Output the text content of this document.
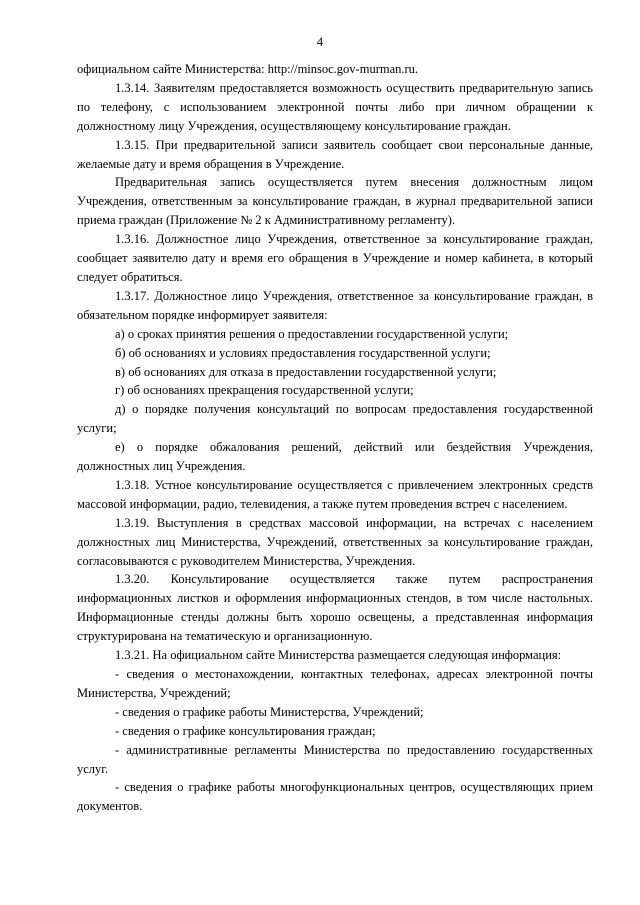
4

официальном сайте Министерства: http://minsoc.gov-murman.ru.

1.3.14. Заявителям предоставляется возможность осуществить предварительную запись по телефону, с использованием электронной почты либо при личном обращении к должностному лицу Учреждения, осуществляющему консультирование граждан.

1.3.15. При предварительной записи заявитель сообщает свои персональные данные, желаемые дату и время обращения в Учреждение.

Предварительная запись осуществляется путем внесения должностным лицом Учреждения, ответственным за консультирование граждан, в журнал предварительной записи приема граждан (Приложение № 2 к Административному регламенту).

1.3.16. Должностное лицо Учреждения, ответственное за консультирование граждан, сообщает заявителю дату и время его обращения в Учреждение и номер кабинета, в который следует обратиться.

1.3.17. Должностное лицо Учреждения, ответственное за консультирование граждан, в обязательном порядке информирует заявителя:

а) о сроках принятия решения о предоставлении государственной услуги;

б) об основаниях и условиях предоставления государственной услуги;

в) об основаниях для отказа в предоставлении государственной услуги;

г) об основаниях прекращения государственной услуги;

д) о порядке получения консультаций по вопросам предоставления государственной услуги;

е) о порядке обжалования решений, действий или бездействия Учреждения, должностных лиц Учреждения.

1.3.18. Устное консультирование осуществляется с привлечением электронных средств массовой информации, радио, телевидения, а также путем проведения встреч с населением.

1.3.19. Выступления в средствах массовой информации, на встречах с населением должностных лиц Министерства, Учреждений, ответственных за консультирование граждан, согласовываются с руководителем Министерства, Учреждения.

1.3.20. Консультирование осуществляется также путем распространения информационных листков и оформления информационных стендов, в том числе настольных. Информационные стенды должны быть хорошо освещены, а представленная информация структурирована на тематическую и организационную.

1.3.21. На официальном сайте Министерства размещается следующая информация:

- сведения о местонахождении, контактных телефонах, адресах электронной почты Министерства, Учреждений;

- сведения о графике работы Министерства, Учреждений;

- сведения о графике консультирования граждан;

- административные регламенты Министерства по предоставлению государственных услуг.

- сведения о графике работы многофункциональных центров, осуществляющих прием документов.
